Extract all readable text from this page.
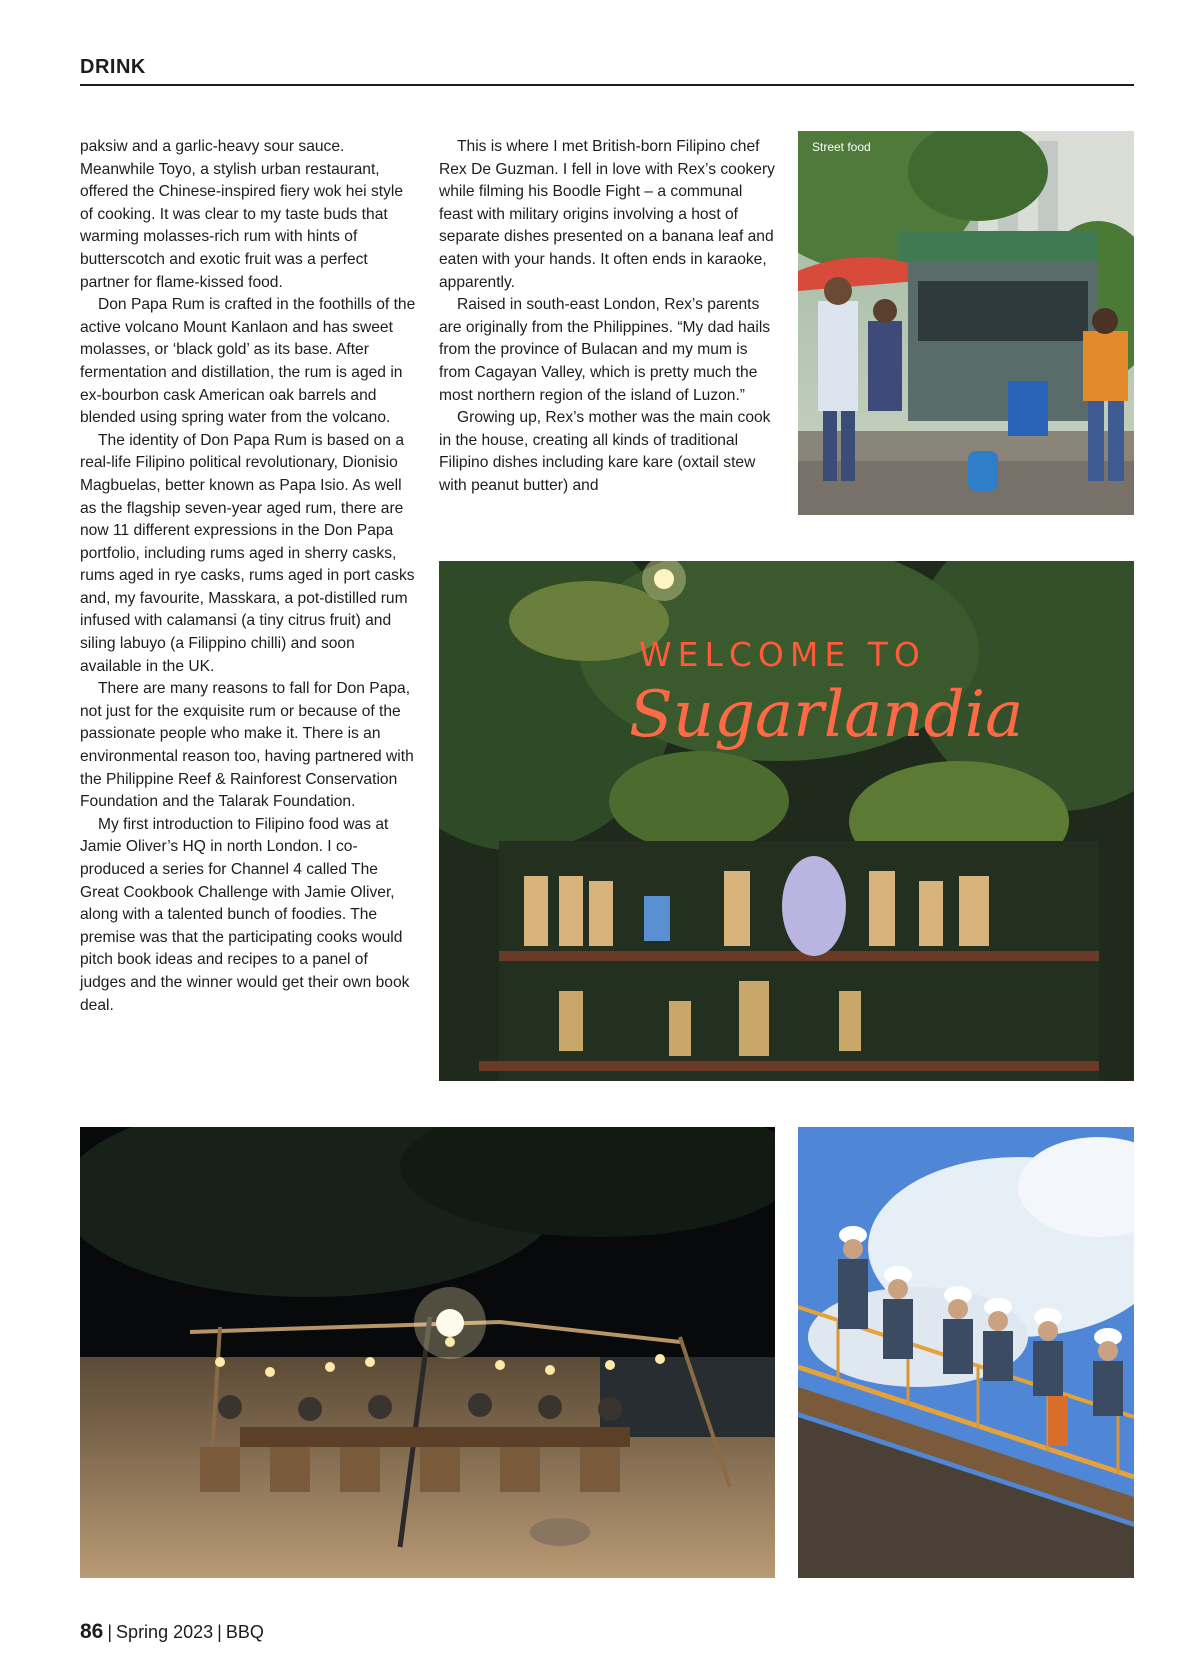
DRINK

paksiw and a garlic-heavy sour sauce. Meanwhile Toyo, a stylish urban restaurant, offered the Chinese-inspired fiery wok hei style of cooking. It was clear to my taste buds that warming molasses-rich rum with hints of butterscotch and exotic fruit was a perfect partner for flame-kissed food.

Don Papa Rum is crafted in the foothills of the active volcano Mount Kanlaon and has sweet molasses, or ‘black gold’ as its base. After fermentation and distillation, the rum is aged in ex-bourbon cask American oak barrels and blended using spring water from the volcano.

The identity of Don Papa Rum is based on a real-life Filipino political revolutionary, Dionisio Magbuelas, better known as Papa Isio. As well as the flagship seven-year aged rum, there are now 11 different expressions in the Don Papa portfolio, including rums aged in sherry casks, rums aged in rye casks, rums aged in port casks and, my favourite, Masskara, a pot-distilled rum infused with calamansi (a tiny citrus fruit) and siling labuyo (a Filippino chilli) and soon available in the UK.

There are many reasons to fall for Don Papa, not just for the exquisite rum or because of the passionate people who make it. There is an environmental reason too, having partnered with the Philippine Reef & Rainforest Conservation Foundation and the Talarak Foundation.

My first introduction to Filipino food was at Jamie Oliver’s HQ in north London. I co-produced a series for Channel 4 called The Great Cookbook Challenge with Jamie Oliver, along with a talented bunch of foodies. The premise was that the participating cooks would pitch book ideas and recipes to a panel of judges and the winner would get their own book deal.

This is where I met British-born Filipino chef Rex De Guzman. I fell in love with Rex’s cookery while filming his Boodle Fight – a communal feast with military origins involving a host of separate dishes presented on a banana leaf and eaten with your hands. It often ends in karaoke, apparently.

Raised in south-east London, Rex’s parents are originally from the Philippines. “My dad hails from the province of Bulacan and my mum is from Cagayan Valley, which is pretty much the most northern region of the island of Luzon.”

Growing up, Rex’s mother was the main cook in the house, creating all kinds of traditional Filipino dishes including kare kare (oxtail stew with peanut butter) and

Street food
WELCOME TO
Sugarlandia
86 | Spring 2023 | BBQ
